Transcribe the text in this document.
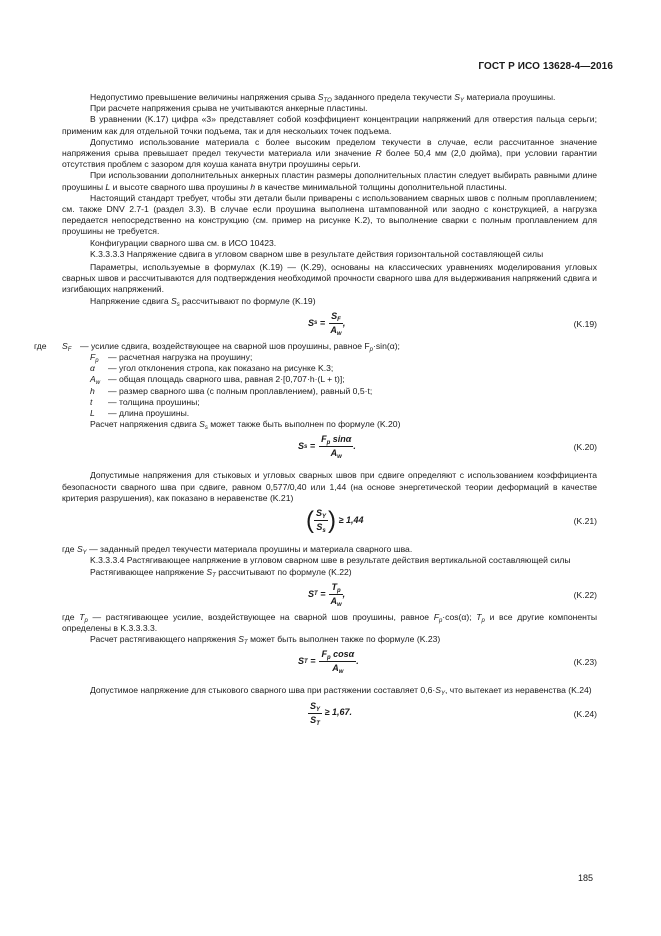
ГОСТ Р ИСО 13628-4—2016

Недопустимо превышение величины напряжения срыва $S_{TO}$ заданного предела текучести $S_Y$ материала проушины.

При расчете напряжения срыва не учитываются анкерные пластины.

В уравнении (K.17) цифра «3» представляет собой коэффициент концентрации напряжений для отверстия пальца серьги; применим как для отдельной точки подъема, так и для нескольких точек подъема.

Допустимо использование материала с более высоким пределом текучести в случае, если рассчитанное значение напряжения срыва превышает предел текучести материала или значение R более 50,4 мм (2,0 дюйма), при условии гарантии отсутствия проблем с зазором для коуша каната внутри проушины серьги.

При использовании дополнительных анкерных пластин размеры дополнительных пластин следует выбирать равными длине проушины L и высоте сварного шва проушины h в качестве минимальной толщины дополнительной пластины.

Настоящий стандарт требует, чтобы эти детали были приварены с использованием сварных швов с полным проплавлением; см. также DNV 2.7-1 (раздел 3.3). В случае если проушина выполнена штампованной или заодно с конструкцией, а нагрузка передается непосредственно на конструкцию (см. пример на рисунке K.2), то выполнение сварки с полным проплавлением для проушины не требуется.

Конфигурации сварного шва см. в ИСО 10423.

K.3.3.3.3 Напряжение сдвига в угловом сварном шве в результате действия горизонтальной составляющей силы

Параметры, используемые в формулах (K.19) — (K.29), основаны на классических уравнениях моделирования угловых сварных швов и рассчитываются для подтверждения необходимой прочности сварного шва для выдерживания напряжений сдвига и изгибающих напряжений.

Напряжение сдвига $S_s$ рассчитывают по формуле (K.19)

S $s = \frac{S_F}{A_w}$ ,	(K.19)
где	$S_F$ — усилие сдвига, воздействующее на сварной шов проушины, равное $F_p\cdot\sin(\alpha)$;
$F_p$	— расчетная нагрузка на проушину;
α	— угол отклонения стропа, как показано на рисунке K.3;
$A_w$ — общая площадь сварного шва, равная 2·[0,707·h·(L + t)];
h	— размер сварного шва (с полным проплавлением), равный 0,5·t;
t	— толщина проушины;
L	— длина проушины.

Расчет напряжения сдвига $S_s$ может также быть выполнен по формуле (K.20)

S $s = \frac{F_p \sin\alpha}{A_w}$ .	(K.20)

Допустимые напряжения для стыковых и угловых сварных швов при сдвиге определяют с использованием коэффициента безопасности сварного шва при сдвиге, равном 0,577/0,40 или 1,44 (на основе энергетической теории деформаций в качестве критерия разрушения), как показано в неравенстве (K.21)

( $\frac{S_Y}{S_s}$ )
≥ 1,44	(K.21)

где $S_Y$ — заданный предел текучести материала проушины и материала сварного шва.

K.3.3.3.4 Растягивающее напряжение в угловом сварном шве в результате действия вертикальной составляющей силы

Растягивающее напряжение $S_T$ рассчитывают по формуле (K.22)

S $T = \frac{T_p}{A_w}$ ,	(K.22)

где $T_p$ — растягивающее усилие, воздействующее на сварной шов проушины, равное $F_p\cdot\cos(\alpha)$; $T_p$ и все другие компоненты определены в K.3.3.3.3.

Расчет растягивающего напряжения $S_T$ может быть выполнен также по формуле (K.23)

S $T = \frac{F_p \cos\alpha}{A_w}$ .	(K.23)

Допустимое напряжение для стыкового сварного шва при растяжении составляет $0,6\cdot S_Y$, что вытекает из неравенства (K.24)

$\frac{S_Y}{S_T}$
≥ 1,67 .	(K.24)
185
